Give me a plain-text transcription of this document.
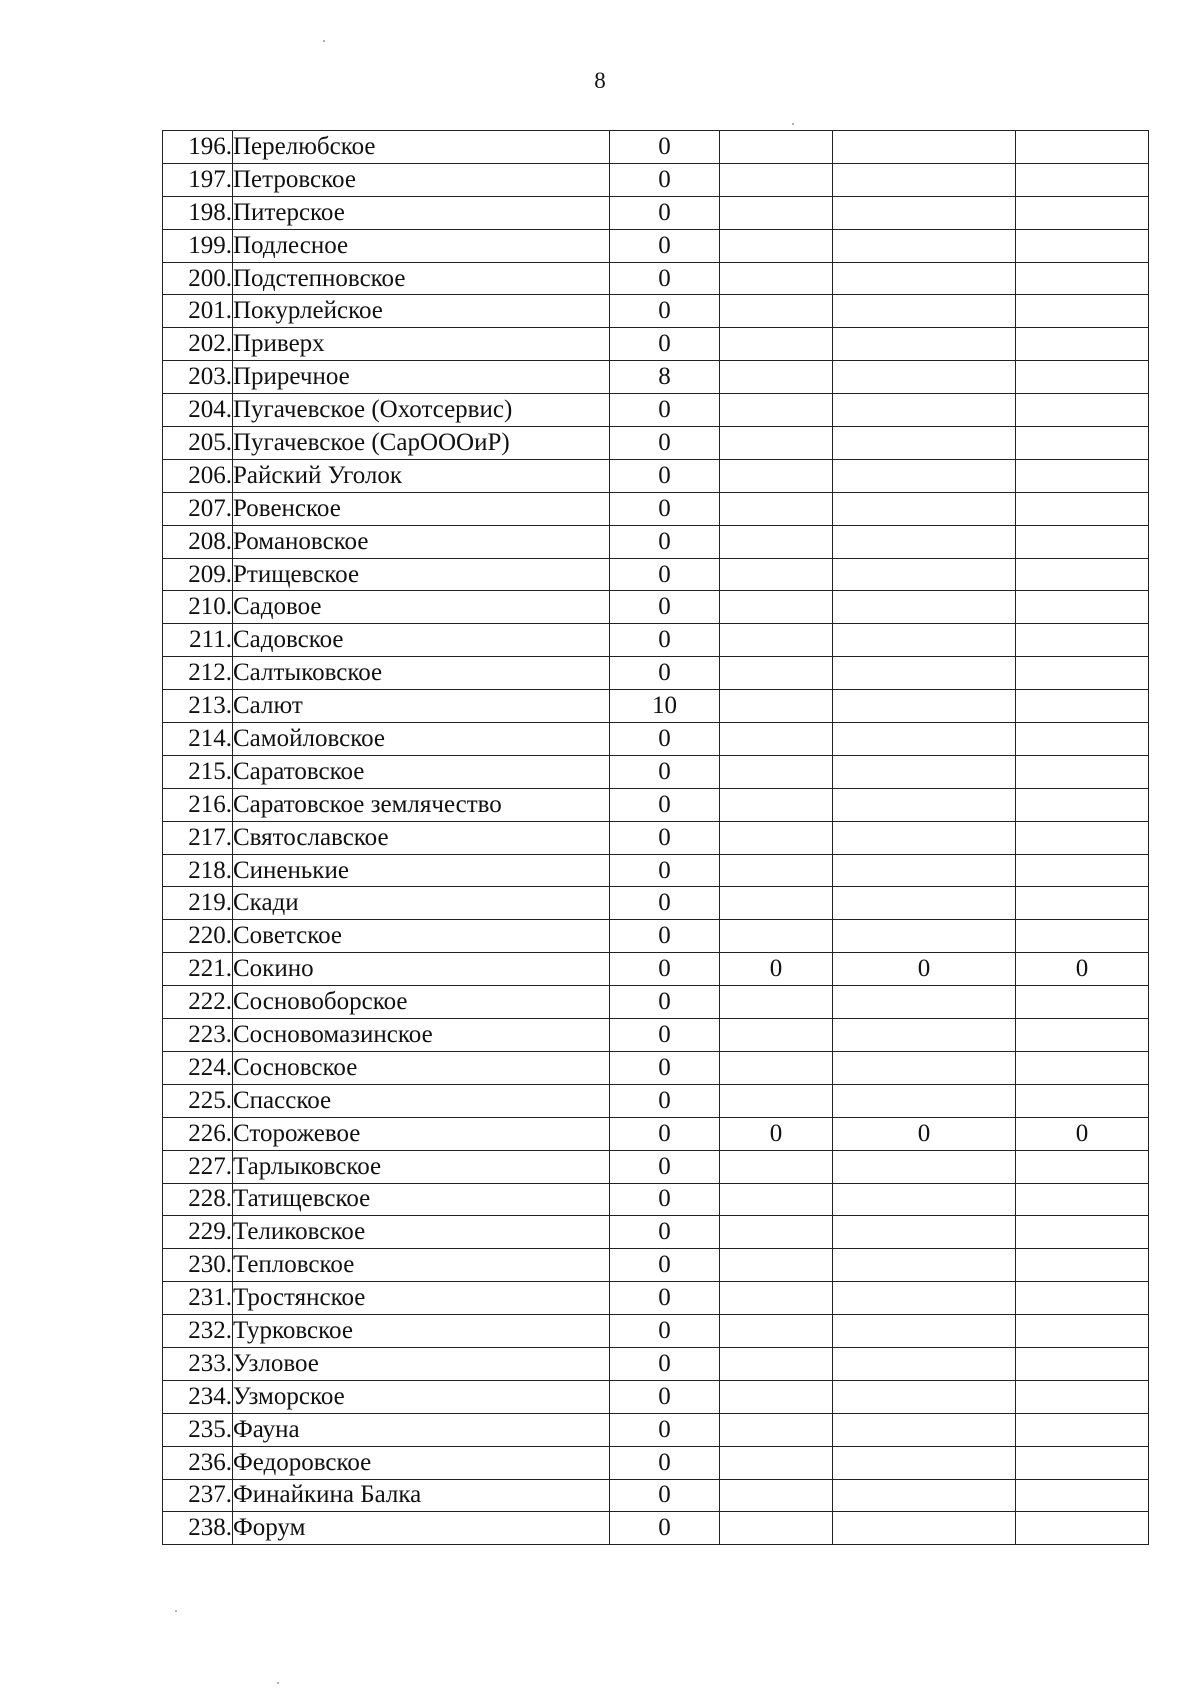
8
196.	Перелюбское	0			
197.	Петровское	0			
198.	Питерское	0			
199.	Подлесное	0			
200.	Подстепновское	0			
201.	Покурлейское	0			
202.	Приверх	0			
203.	Приречное	8			
204.	Пугачевское (Охотсервис)	0			
205.	Пугачевское (СарОООиР)	0			
206.	Райский Уголок	0			
207.	Ровенское	0			
208.	Романовское	0			
209.	Ртищевское	0			
210.	Садовое	0			
211.	Садовское	0			
212.	Салтыковское	0			
213.	Салют	10			
214.	Самойловское	0			
215.	Саратовское	0			
216.	Саратовское землячество	0			
217.	Святославское	0			
218.	Синенькие	0			
219.	Скади	0			
220.	Советское	0			
221.	Сокино	0	0	0	0
222.	Сосновоборское	0			
223.	Сосновомазинское	0			
224.	Сосновское	0			
225.	Спасское	0			
226.	Сторожевое	0	0	0	0
227.	Тарлыковское	0			
228.	Татищевское	0			
229.	Теликовское	0			
230.	Тепловское	0			
231.	Тростянское	0			
232.	Турковское	0			
233.	Узловое	0			
234.	Узморское	0			
235.	Фауна	0			
236.	Федоровское	0			
237.	Финайкина Балка	0			
238.	Форум	0			
